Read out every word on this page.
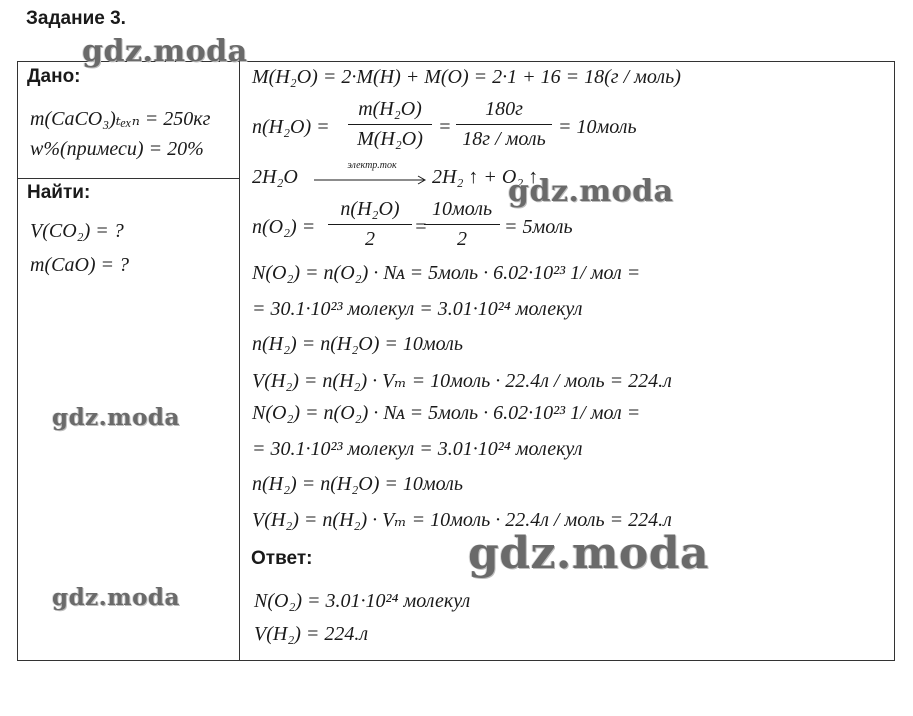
Задание 3.
Дано:
m(CaCO₃)ₜₑₓₙ = 250кг
w%(примеси) = 20%
Найти:
V(CO₂) = ?
m(CaO) = ?
M(H₂O) = 2·M(H) + M(O) = 2·1 + 16 = 18(г / моль)
n(H₂O) =
m(H₂O)
M(H₂O)
=
180г
18г / моль
= 10моль
2H₂O
электр.ток
2H₂ ↑ + O₂ ↑
n(O₂) =
n(H₂O)
2
=
10моль
2
= 5моль
N(O₂) = n(O₂) · Nᴀ = 5моль · 6.02·10²³ 1/ мол =
= 30.1·10²³ молекул = 3.01·10²⁴ молекул
n(H₂) = n(H₂O) = 10моль
V(H₂) = n(H₂) · Vₘ = 10моль · 22.4л / моль = 224.л
N(O₂) = n(O₂) · Nᴀ = 5моль · 6.02·10²³ 1/ мол =
= 30.1·10²³ молекул = 3.01·10²⁴ молекул
n(H₂) = n(H₂O) = 10моль
V(H₂) = n(H₂) · Vₘ = 10моль · 22.4л / моль = 224.л
Ответ:
N(O₂) = 3.01·10²⁴ молекул
V(H₂) = 224.л
gdz.moda
gdz.moda
gdz.moda
gdz.moda
gdz.moda
